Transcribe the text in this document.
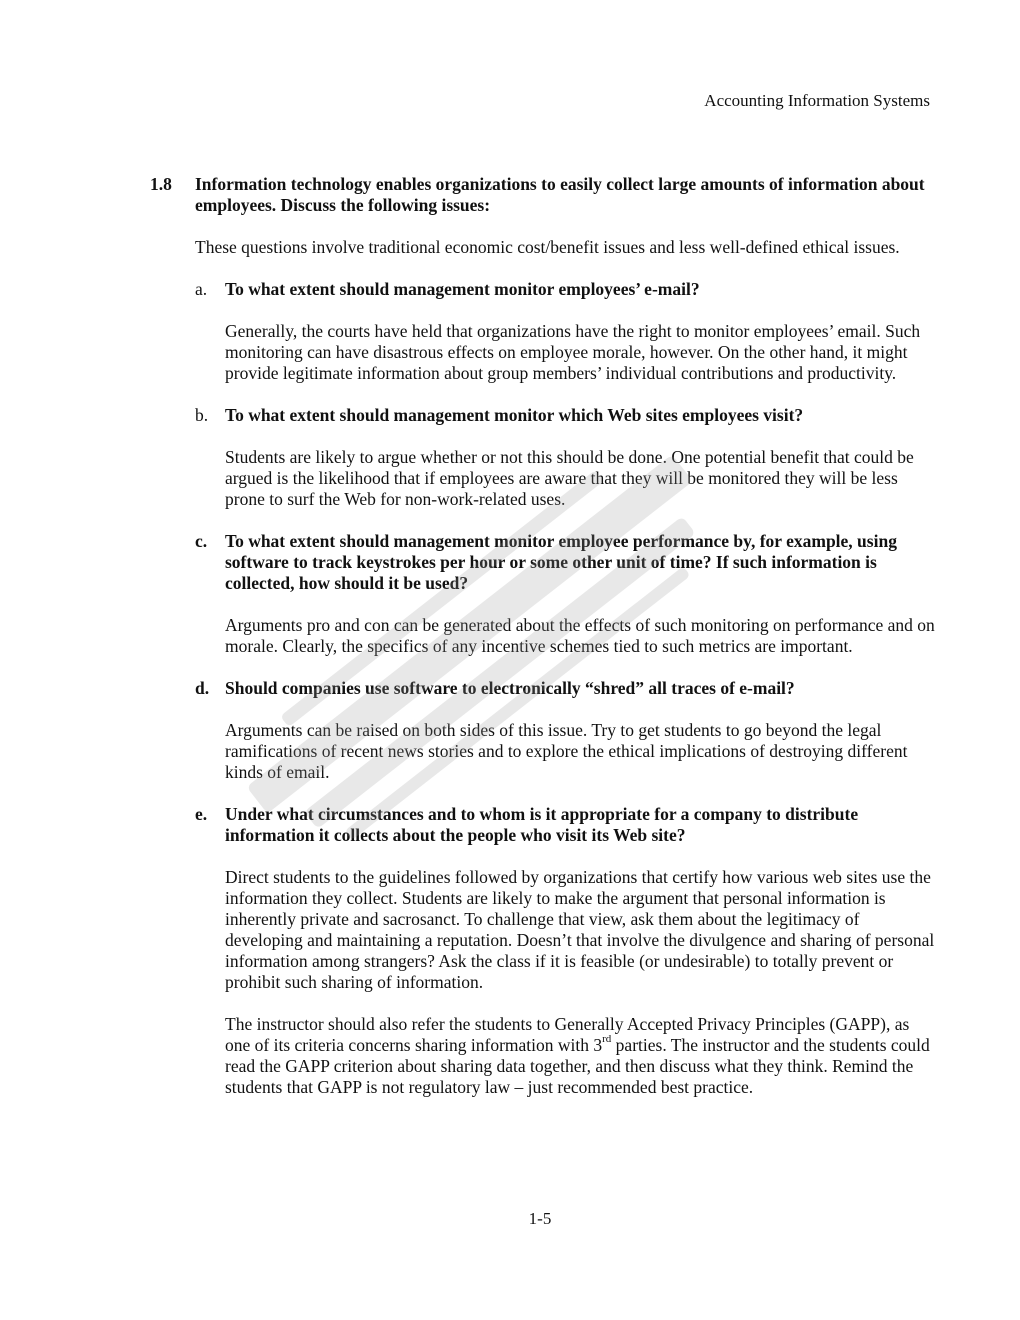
Accounting Information Systems
1.8 Information technology enables organizations to easily collect large amounts of information about employees. Discuss the following issues:
These questions involve traditional economic cost/benefit issues and less well-defined ethical issues.
a. To what extent should management monitor employees’ e-mail?
Generally, the courts have held that organizations have the right to monitor employees’ email. Such monitoring can have disastrous effects on employee morale, however. On the other hand, it might provide legitimate information about group members’ individual contributions and productivity.
b. To what extent should management monitor which Web sites employees visit?
Students are likely to argue whether or not this should be done. One potential benefit that could be argued is the likelihood that if employees are aware that they will be monitored they will be less prone to surf the Web for non-work-related uses.
c. To what extent should management monitor employee performance by, for example, using software to track keystrokes per hour or some other unit of time? If such information is collected, how should it be used?
Arguments pro and con can be generated about the effects of such monitoring on performance and on morale. Clearly, the specifics of any incentive schemes tied to such metrics are important.
d. Should companies use software to electronically “shred” all traces of e-mail?
Arguments can be raised on both sides of this issue. Try to get students to go beyond the legal ramifications of recent news stories and to explore the ethical implications of destroying different kinds of email.
e. Under what circumstances and to whom is it appropriate for a company to distribute information it collects about the people who visit its Web site?
Direct students to the guidelines followed by organizations that certify how various web sites use the information they collect. Students are likely to make the argument that personal information is inherently private and sacrosanct. To challenge that view, ask them about the legitimacy of developing and maintaining a reputation. Doesn’t that involve the divulgence and sharing of personal information among strangers? Ask the class if it is feasible (or undesirable) to totally prevent or prohibit such sharing of information.
The instructor should also refer the students to Generally Accepted Privacy Principles (GAPP), as one of its criteria concerns sharing information with 3rd parties. The instructor and the students could read the GAPP criterion about sharing data together, and then discuss what they think. Remind the students that GAPP is not regulatory law – just recommended best practice.
1-5
